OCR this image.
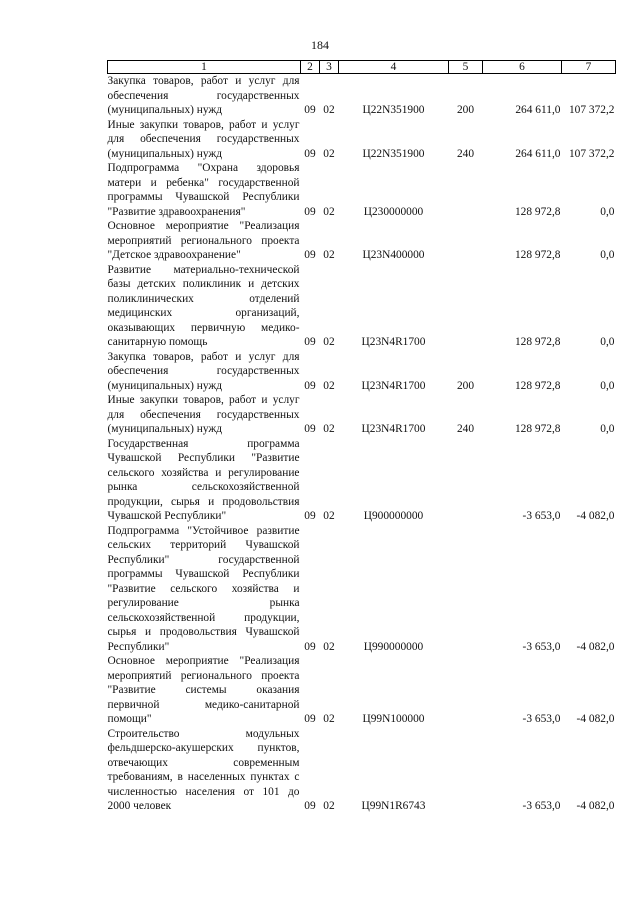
184
1	2	3	4	5	6	7
Закупка товаров, работ и услуг для обеспечения государственных (муниципальных) нужд	09	02	Ц22N351900	200	264 611,0	107 372,2
Иные закупки товаров, работ и услуг для обеспечения государственных (муниципальных) нужд	09	02	Ц22N351900	240	264 611,0	107 372,2
Подпрограмма "Охрана здоровья матери и ребенка" государственной программы Чувашской Республики "Развитие здравоохранения"	09	02	Ц230000000		128 972,8	0,0
Основное мероприятие "Реализация мероприятий регионального проекта "Детское здравоохранение"	09	02	Ц23N400000		128 972,8	0,0
Развитие материально-технической базы детских поликлиник и детских поликлинических отделений медицинских организаций, оказывающих первичную медико-санитарную помощь	09	02	Ц23N4R1700		128 972,8	0,0
Закупка товаров, работ и услуг для обеспечения государственных (муниципальных) нужд	09	02	Ц23N4R1700	200	128 972,8	0,0
Иные закупки товаров, работ и услуг для обеспечения государственных (муниципальных) нужд	09	02	Ц23N4R1700	240	128 972,8	0,0
Государственная программа Чувашской Республики "Развитие сельского хозяйства и регулирование рынка сельскохозяйственной продукции, сырья и продовольствия Чувашской Республики"	09	02	Ц900000000		-3 653,0	-4 082,0
Подпрограмма "Устойчивое развитие сельских территорий Чувашской Республики" государственной программы Чувашской Республики "Развитие сельского хозяйства и регулирование рынка сельскохозяйственной продукции, сырья и продовольствия Чувашской Республики"	09	02	Ц990000000		-3 653,0	-4 082,0
Основное мероприятие "Реализация мероприятий регионального проекта "Развитие системы оказания первичной медико-санитарной помощи"	09	02	Ц99N100000		-3 653,0	-4 082,0
Строительство модульных фельдшерско-акушерских пунктов, отвечающих современным требованиям, в населенных пунктах с численностью населения от 101 до 2000 человек	09	02	Ц99N1R6743		-3 653,0	-4 082,0
